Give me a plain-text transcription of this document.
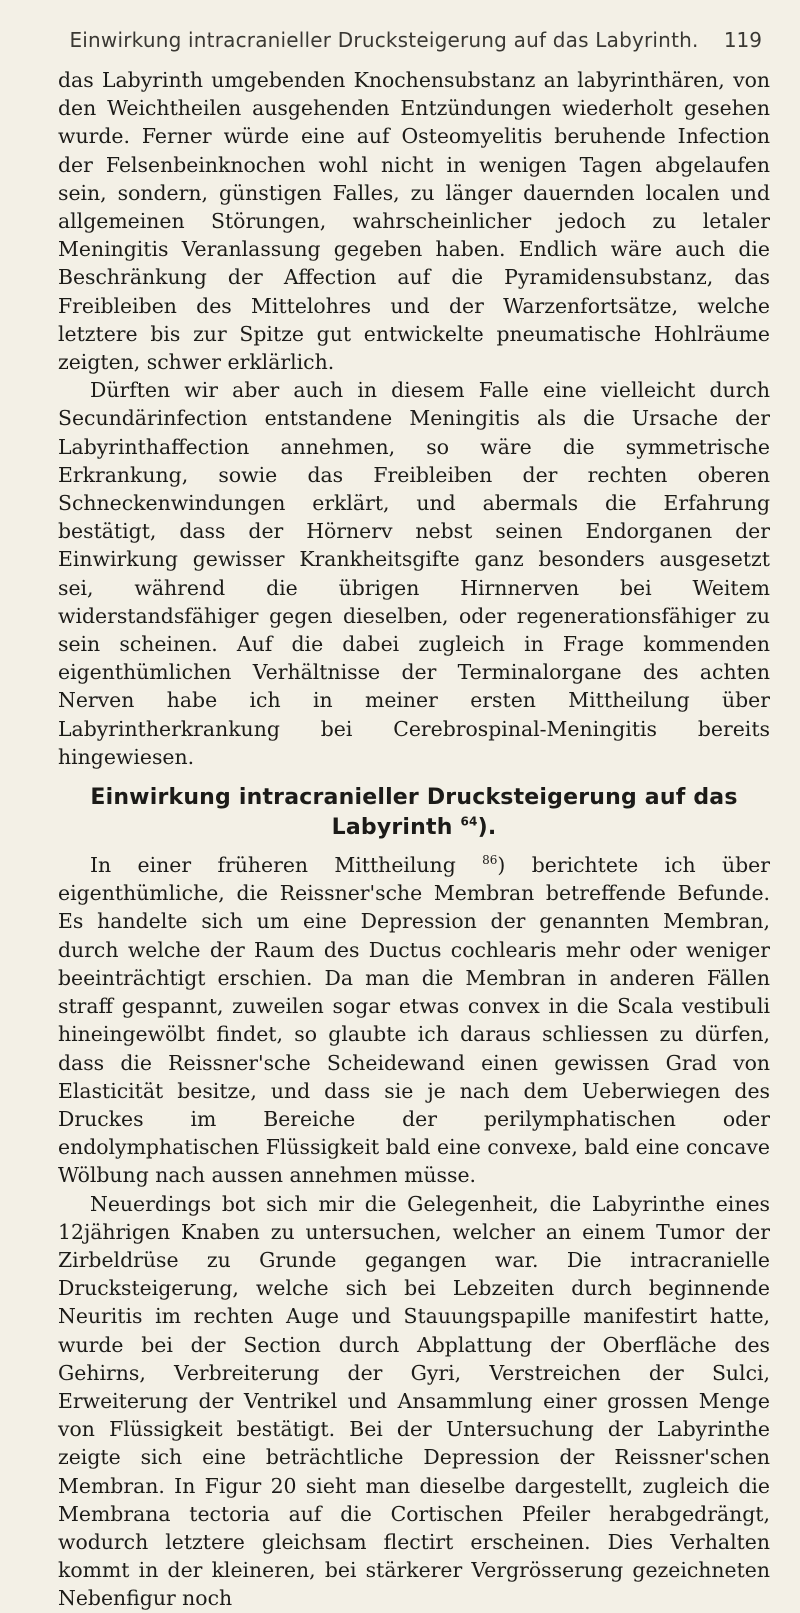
Einwirkung intracranieller Drucksteigerung auf das Labyrinth.	119

das Labyrinth umgebenden Knochensubstanz an labyrinthären, von den Weichtheilen ausgehenden Entzündungen wiederholt gesehen wurde. Ferner würde eine auf Osteomyelitis beruhende Infection der Felsenbeinknochen wohl nicht in wenigen Tagen abgelaufen sein, sondern, günstigen Falles, zu länger dauernden localen und allgemeinen Störungen, wahrscheinlicher jedoch zu letaler Meningitis Veranlassung gegeben haben. Endlich wäre auch die Beschränkung der Affection auf die Pyramidensubstanz, das Freibleiben des Mittelohres und der Warzenfortsätze, welche letztere bis zur Spitze gut entwickelte pneumatische Hohlräume zeigten, schwer erklärlich.

Dürften wir aber auch in diesem Falle eine vielleicht durch Secundärinfection entstandene Meningitis als die Ursache der Labyrinthaffection annehmen, so wäre die symmetrische Erkrankung, sowie das Freibleiben der rechten oberen Schneckenwindungen erklärt, und abermals die Erfahrung bestätigt, dass der Hörnerv nebst seinen Endorganen der Einwirkung gewisser Krankheitsgifte ganz besonders ausgesetzt sei, während die übrigen Hirnnerven bei Weitem widerstandsfähiger gegen dieselben, oder regenerationsfähiger zu sein scheinen. Auf die dabei zugleich in Frage kommenden eigenthümlichen Verhältnisse der Terminalorgane des achten Nerven habe ich in meiner ersten Mittheilung über Labyrintherkrankung bei Cerebrospinal-Meningitis bereits hingewiesen.

Einwirkung intracranieller Drucksteigerung auf das Labyrinth $^{64}$).

In einer früheren Mittheilung $^{86}$) berichtete ich über eigenthümliche, die Reissner'sche Membran betreffende Befunde. Es handelte sich um eine Depression der genannten Membran, durch welche der Raum des Ductus cochlearis mehr oder weniger beeinträchtigt erschien. Da man die Membran in anderen Fällen straff gespannt, zuweilen sogar etwas convex in die Scala vestibuli hineingewölbt findet, so glaubte ich daraus schliessen zu dürfen, dass die Reissner'sche Scheidewand einen gewissen Grad von Elasticität besitze, und dass sie je nach dem Ueberwiegen des Druckes im Bereiche der perilymphatischen oder endolymphatischen Flüssigkeit bald eine convexe, bald eine concave Wölbung nach aussen annehmen müsse.

Neuerdings bot sich mir die Gelegenheit, die Labyrinthe eines 12jährigen Knaben zu untersuchen, welcher an einem Tumor der Zirbeldrüse zu Grunde gegangen war. Die intracranielle Drucksteigerung, welche sich bei Lebzeiten durch beginnende Neuritis im rechten Auge und Stauungspapille manifestirt hatte, wurde bei der Section durch Abplattung der Oberfläche des Gehirns, Verbreiterung der Gyri, Verstreichen der Sulci, Erweiterung der Ventrikel und Ansammlung einer grossen Menge von Flüssigkeit bestätigt. Bei der Untersuchung der Labyrinthe zeigte sich eine beträchtliche Depression der Reissner'schen Membran. In Figur 20 sieht man dieselbe dargestellt, zugleich die Membrana tectoria auf die Cortischen Pfeiler herabgedrängt, wodurch letztere gleichsam flectirt erscheinen. Dies Verhalten kommt in der kleineren, bei stärkerer Vergrösserung gezeichneten Nebenfigur noch
